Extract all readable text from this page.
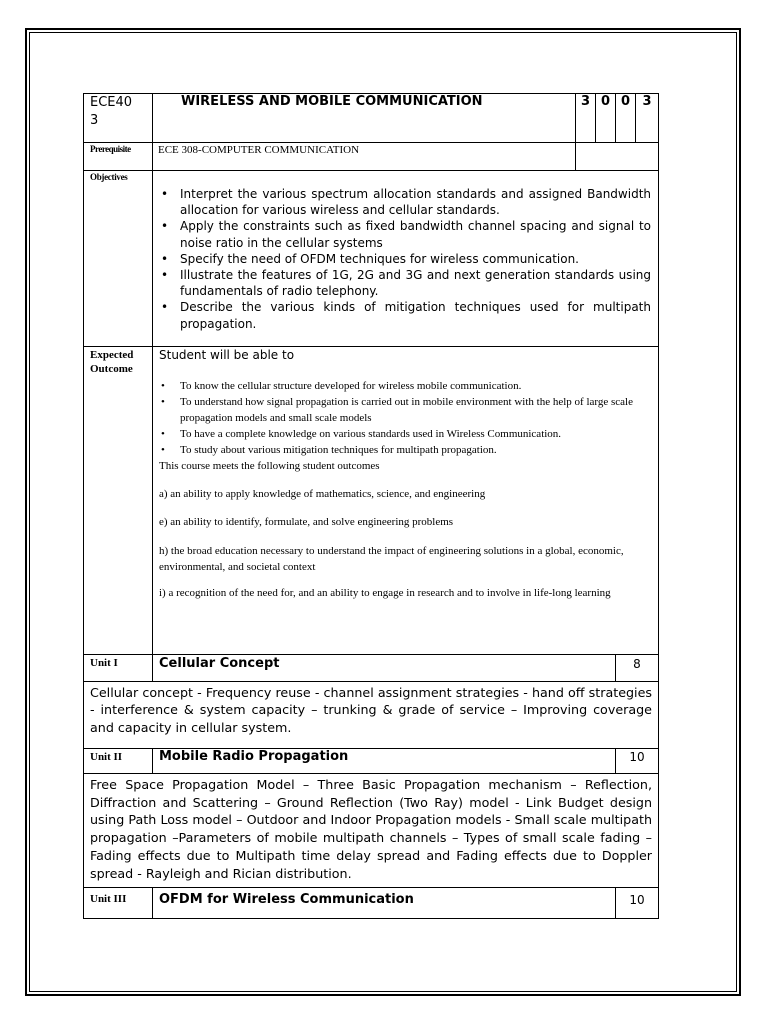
ECE40 3
WIRELESS AND MOBILE COMMUNICATION	3 0 0 3
Prerequisite ECE 308-COMPUTER COMMUNICATION
Objectives
• Interpret the various spectrum allocation standards and assigned Bandwidth allocation for various wireless and cellular standards.
• Apply the constraints such as fixed bandwidth channel spacing and signal to noise ratio in the cellular systems
• Specify the need of OFDM techniques for wireless communication.
• Illustrate the features of 1G, 2G and 3G and next generation standards using fundamentals of radio telephony.
• Describe the various kinds of mitigation techniques used for multipath propagation.
Expected
Outcome
Student will be able to
• To know the cellular structure developed for wireless mobile communication.
• To understand how signal propagation is carried out in mobile environment with the help of large scale propagation models and small scale models
• To have a complete knowledge on various standards used in Wireless Communication.
• To study about various mitigation techniques for multipath propagation.
This course meets the following student outcomes
a) an ability to apply knowledge of mathematics, science, and engineering
e) an ability to identify, formulate, and solve engineering problems
h) the broad education necessary to understand the impact of engineering solutions in a global, economic, environmental, and societal context
i) a recognition of the need for, and an ability to engage in research and to involve in life-long learning
Unit I	Cellular Concept	8
Cellular concept - Frequency reuse - channel assignment strategies - hand off strategies - interference & system capacity – trunking & grade of service – Improving coverage and capacity in cellular system.
Unit II	Mobile Radio Propagation	10
Free Space Propagation Model – Three Basic Propagation mechanism – Reflection, Diffraction and Scattering – Ground Reflection (Two Ray) model - Link Budget design using Path Loss model – Outdoor and Indoor Propagation models - Small scale multipath propagation –Parameters of mobile multipath channels – Types of small scale fading – Fading effects due to Multipath time delay spread and Fading effects due to Doppler spread - Rayleigh and Rician distribution.
Unit III	OFDM for Wireless Communication	10
